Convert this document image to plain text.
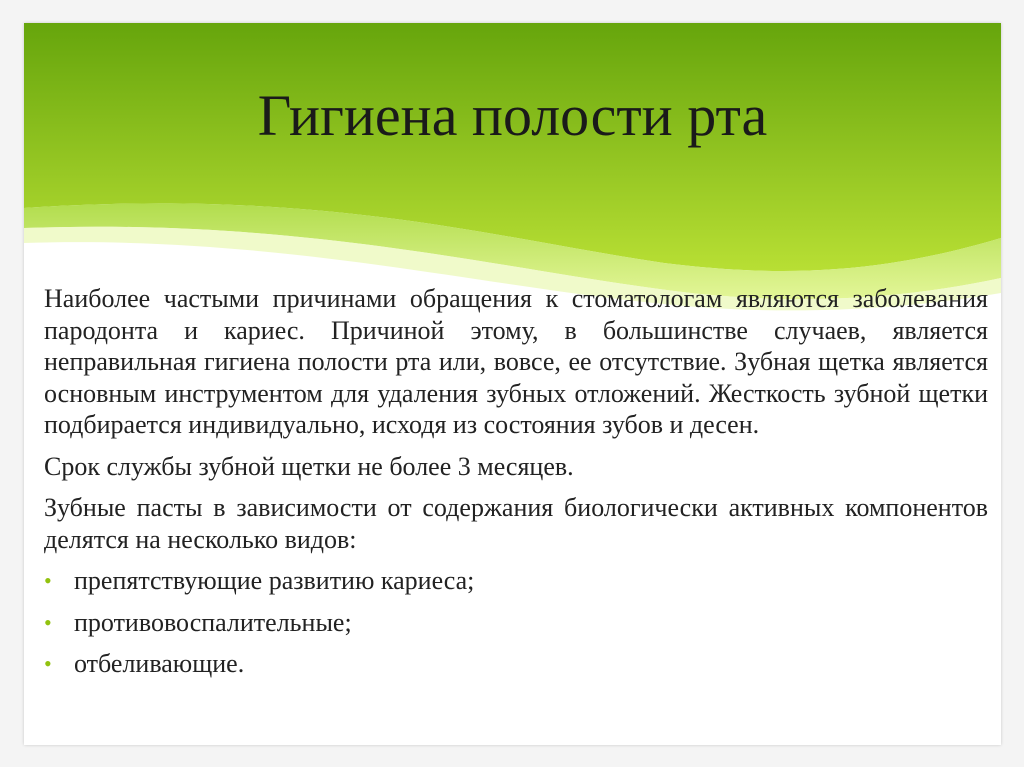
Гигиена полости рта

Наиболее частыми причинами обращения к стоматологам являются заболевания пародонта и кариес. Причиной этому, в большинстве случаев, является неправильная гигиена полости рта или, вовсе, ее отсутствие. Зубная щетка является основным инструментом для удаления зубных отложений. Жесткость зубной щетки подбирается индивидуально, исходя из состояния зубов и десен.

Срок службы зубной щетки не более 3 месяцев.

Зубные пасты в зависимости от содержания биологически активных компонентов делятся на несколько видов:

• препятствующие развитию кариеса;
• противовоспалительные;
• отбеливающие.
